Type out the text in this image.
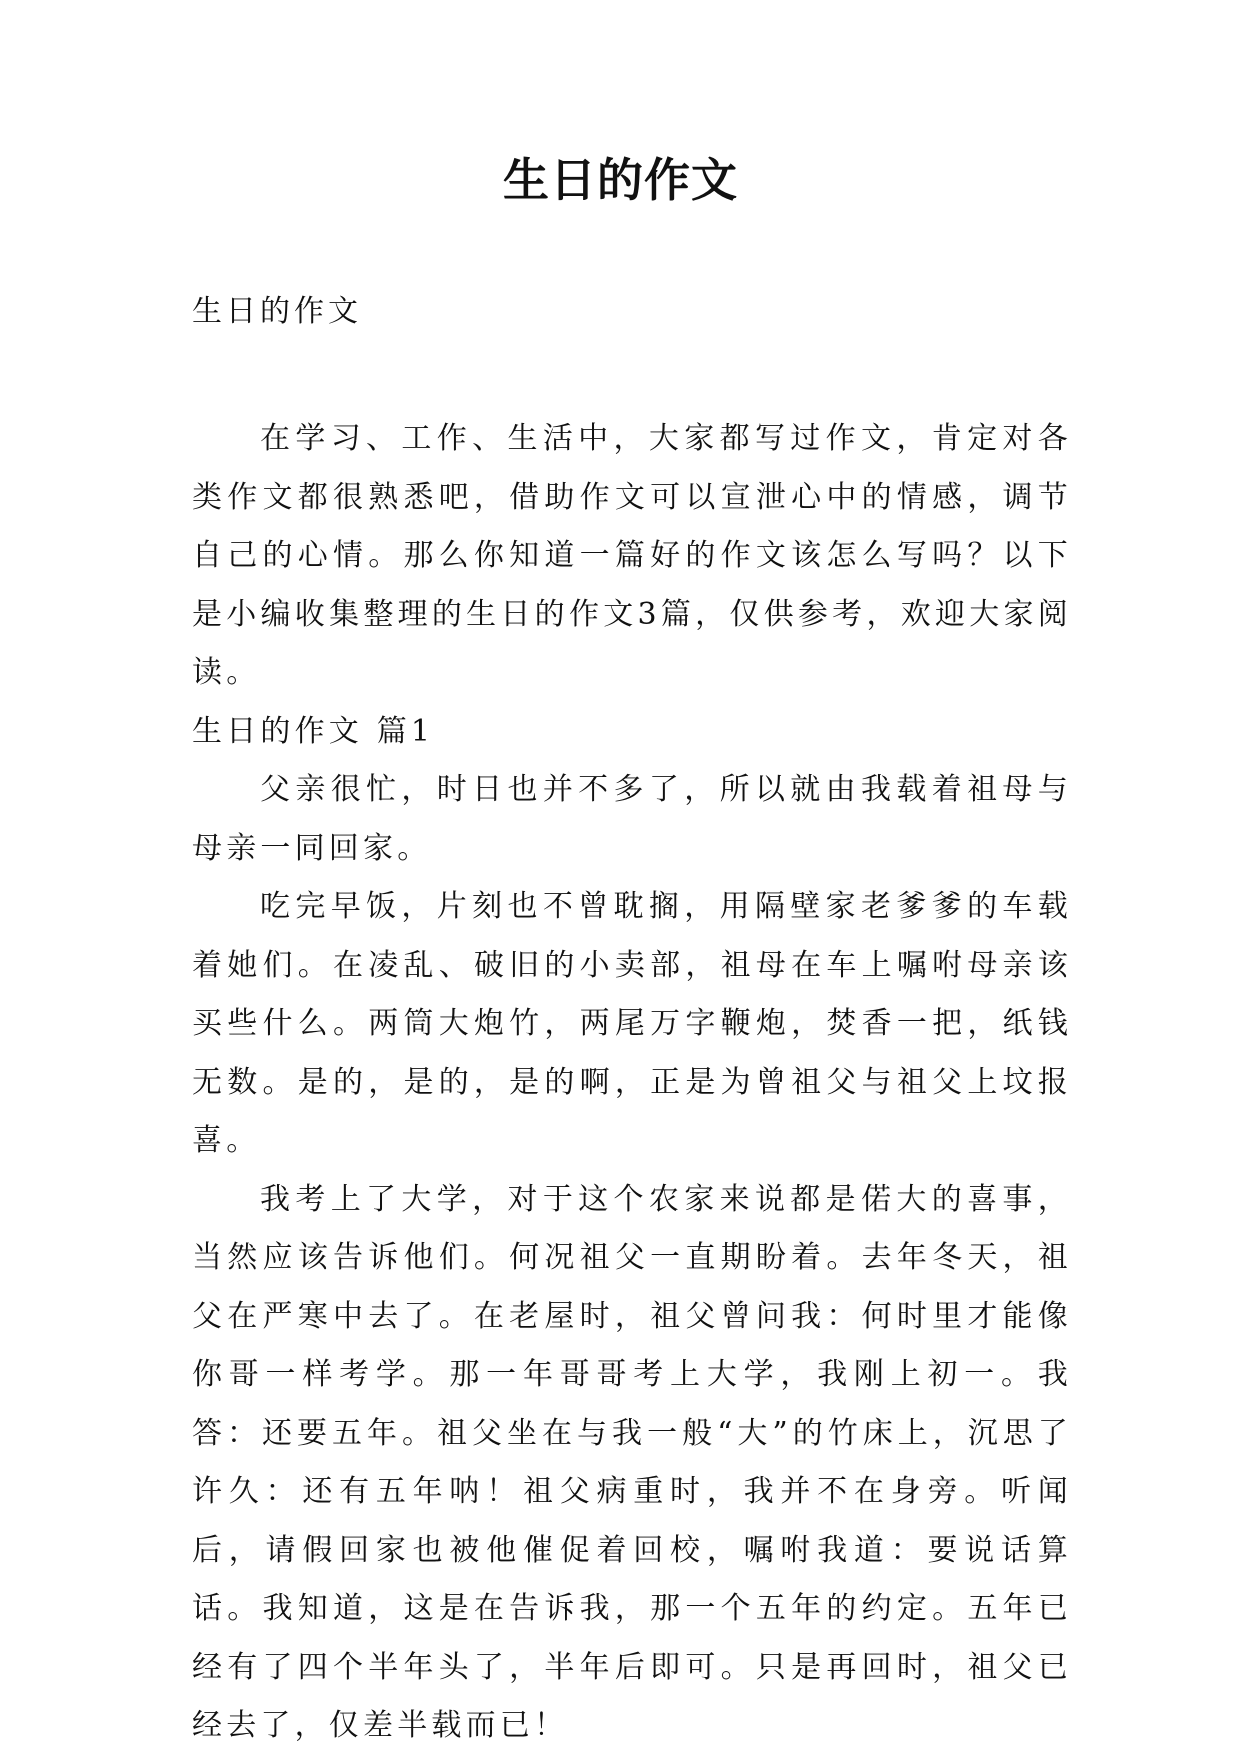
生日的作文
生日的作文

在学习、工作、生活中，大家都写过作文，肯定对各类作文都很熟悉吧，借助作文可以宣泄心中的情感，调节自己的心情。那么你知道一篇好的作文该怎么写吗？以下是小编收集整理的生日的作文3篇，仅供参考，欢迎大家阅读。

生日的作文 篇1

父亲很忙，时日也并不多了，所以就由我载着祖母与母亲一同回家。

吃完早饭，片刻也不曾耽搁，用隔壁家老爹爹的车载着她们。在凌乱、破旧的小卖部，祖母在车上嘱咐母亲该买些什么。两筒大炮竹，两尾万字鞭炮，焚香一把，纸钱无数。是的，是的，是的啊，正是为曾祖父与祖父上坟报喜。

我考上了大学，对于这个农家来说都是偌大的喜事，当然应该告诉他们。何况祖父一直期盼着。去年冬天，祖父在严寒中去了。在老屋时，祖父曾问我：何时里才能像你哥一样考学。那一年哥哥考上大学，我刚上初一。我答：还要五年。祖父坐在与我一般“大”的竹床上，沉思了许久：还有五年呐！祖父病重时，我并不在身旁。听闻后，请假回家也被他催促着回校，嘱咐我道：要说话算话。我知道，这是在告诉我，那一个五年的约定。五年已经有了四个半年头了，半年后即可。只是再回时，祖父已经去了，仅差半载而已！
